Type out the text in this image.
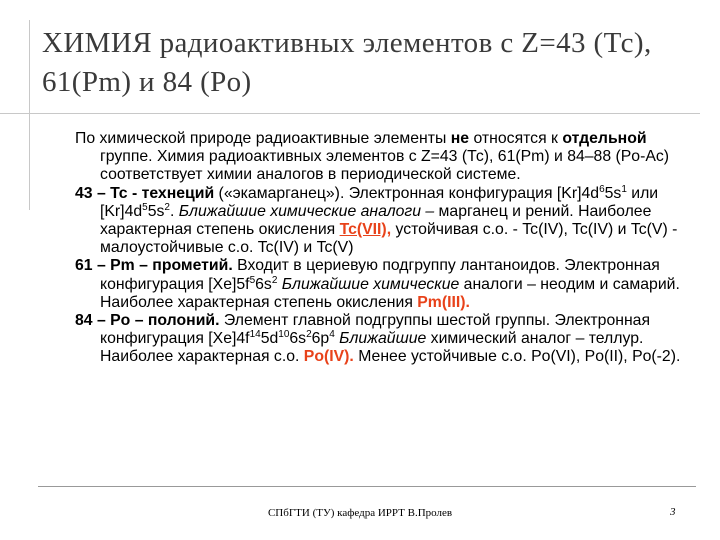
ХИМИЯ радиоактивных элементов с Z=43 (Тс), 61(Pm) и 84 (Po)

По химической природе радиоактивные элементы не относятся к отдельной группе. Химия радиоактивных элементов с Z=43 (Тс), 61(Pm) и 84–88 (Po-Ac) соответствует химии аналогов в периодической системе.

43 – Тс - технеций («экамарганец»). Электронная конфигурация $[Kr]4d^65s^1$ или $[Kr]4d^55s^2$. Ближайшие химические аналоги – марганец и рений. Наиболее характерная степень окисления Tc(VII), устойчивая с.о. - Tc(IV), Tc(IV) и Tc(V) - малоустойчивые с.о. Tc(IV) и Tc(V)

61 – Pm – прометий. Входит в цериевую подгруппу лантаноидов. Электронная конфигурация $[Xe]5f^56s^2$ Ближайшие химические аналоги – неодим и самарий. Наиболее характерная степень окисления Pm(III).

84 – Po – полоний. Элемент главной подгруппы шестой группы. Электронная конфигурация $[Xe]4f^{14}5d^{10}6s^26p^4$ Ближайшие химический аналог – теллур. Наиболее характерная с.о. Po(IV). Менее устойчивые с.о. Po(VI), Po(II), Po(-2).

СПбГТИ (ТУ) кафедра ИРРТ В.Пролев	3
